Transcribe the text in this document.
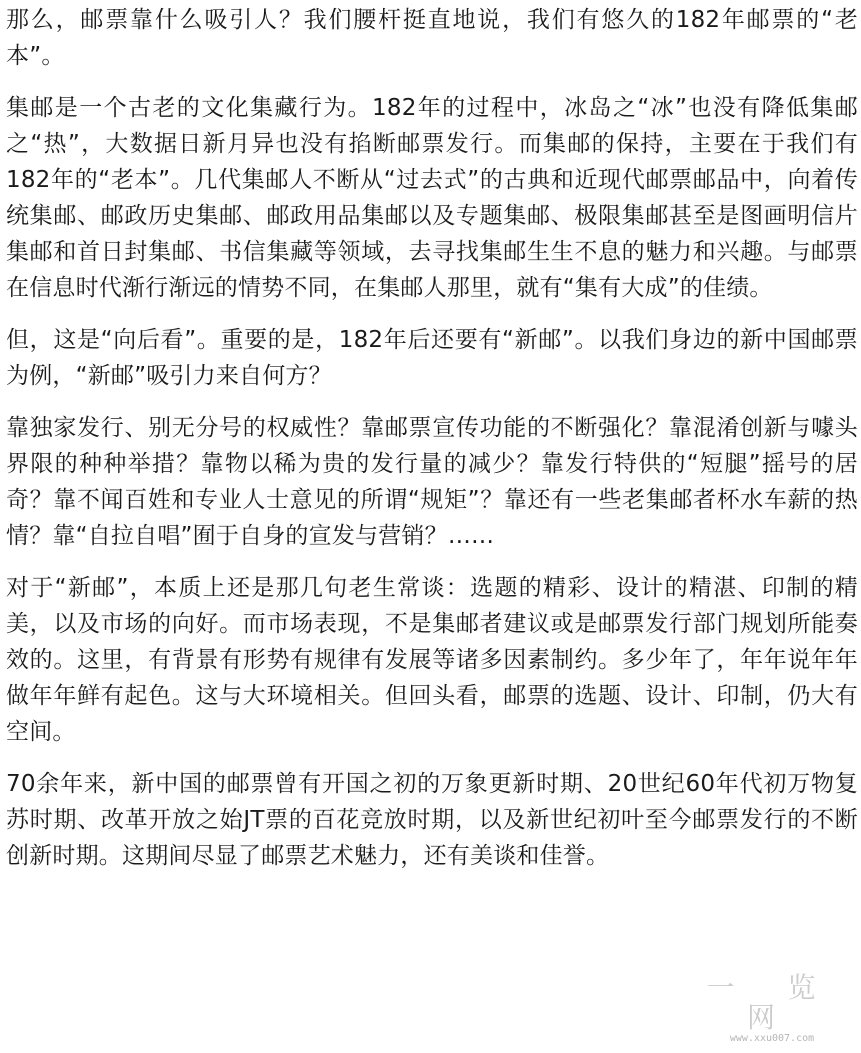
那么，邮票靠什么吸引人？我们腰杆挺直地说，我们有悠久的182年邮票的“老本”。

集邮是一个古老的文化集藏行为。182年的过程中，冰岛之“冰”也没有降低集邮之“热”，大数据日新月异也没有掐断邮票发行。而集邮的保持，主要在于我们有182年的“老本”。几代集邮人不断从“过去式”的古典和近现代邮票邮品中，向着传统集邮、邮政历史集邮、邮政用品集邮以及专题集邮、极限集邮甚至是图画明信片集邮和首日封集邮、书信集藏等领域，去寻找集邮生生不息的魅力和兴趣。与邮票在信息时代渐行渐远的情势不同，在集邮人那里，就有“集有大成”的佳绩。

但，这是“向后看”。重要的是，182年后还要有“新邮”。以我们身边的新中国邮票为例，“新邮”吸引力来自何方？

靠独家发行、别无分号的权威性？靠邮票宣传功能的不断强化？靠混淆创新与噱头界限的种种举措？靠物以稀为贵的发行量的减少？靠发行特供的“短腿”摇号的居奇？靠不闻百姓和专业人士意见的所谓“规矩”？靠还有一些老集邮者杯水车薪的热情？靠“自拉自唱”囿于自身的宣发与营销？……

对于“新邮”，本质上还是那几句老生常谈：选题的精彩、设计的精湛、印制的精美，以及市场的向好。而市场表现，不是集邮者建议或是邮票发行部门规划所能奏效的。这里，有背景有形势有规律有发展等诸多因素制约。多少年了，年年说年年做年年鲜有起色。这与大环境相关。但回头看，邮票的选题、设计、印制，仍大有空间。

70余年来，新中国的邮票曾有开国之初的万象更新时期、20世纪60年代初万物复苏时期、改革开放之始JT票的百花竞放时期，以及新世纪初叶至今邮票发行的不断创新时期。这期间尽显了邮票艺术魅力，还有美谈和佳誉。

一 览 网
www.xxu007.com
